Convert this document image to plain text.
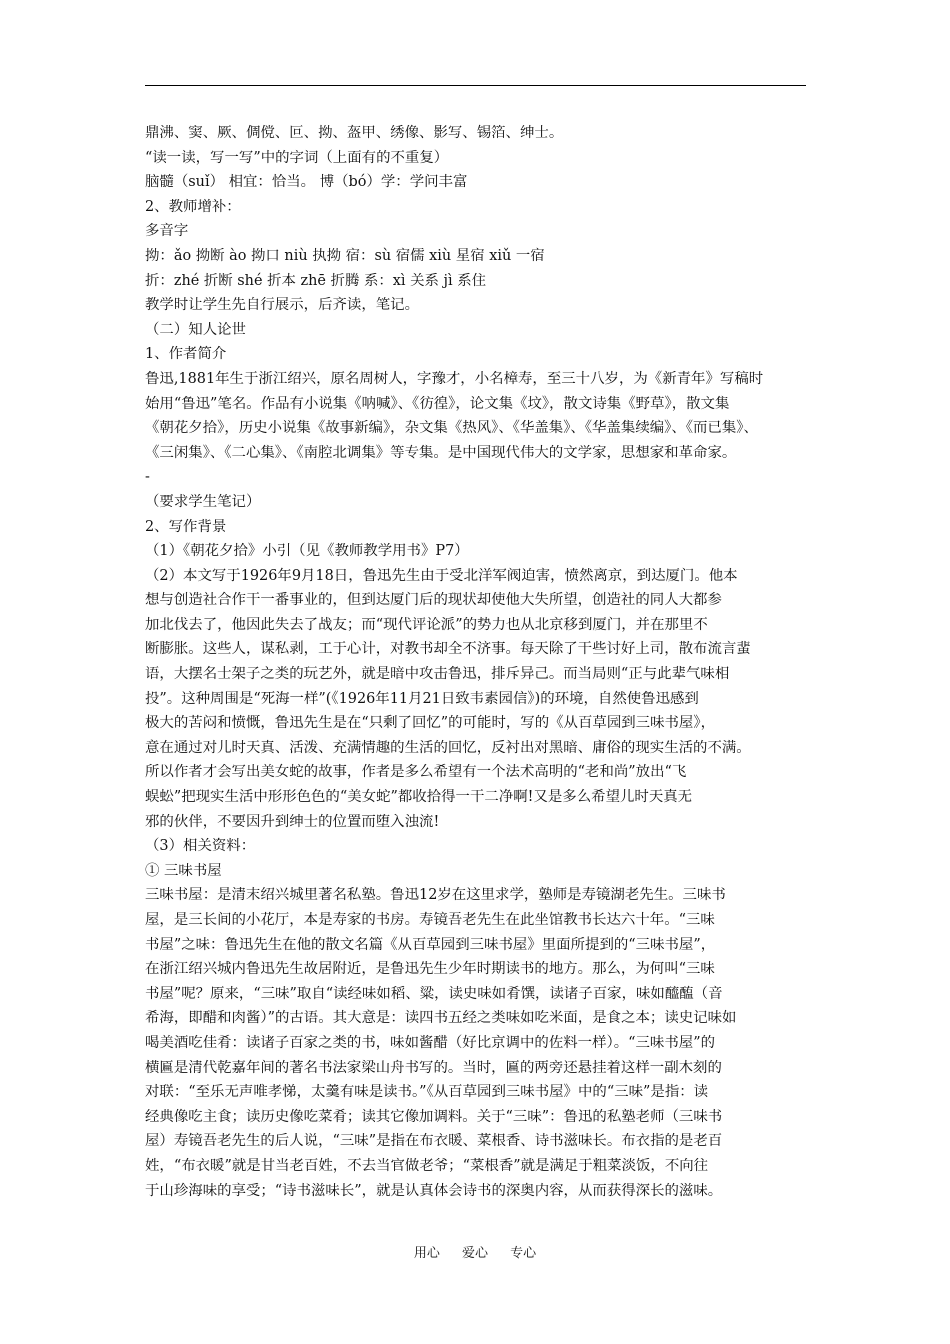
鼎沸、窦、厥、倜傥、叵、拗、盔甲、绣像、影写、锡箔、绅士。
“读一读，写一写”中的字词（上面有的不重复）
脑髓（suǐ） 相宜：恰当。 博（bó）学：学问丰富
2、教师增补：
多音字
拗：ǎo 拗断 ào 拗口 niù 执拗 宿：sù 宿儒 xiù 星宿 xiǔ 一宿
折：zhé 折断 shé 折本 zhē 折腾 系：xì 关系 jì 系住
教学时让学生先自行展示，后齐读，笔记。
（二）知人论世
1、作者简介
鲁迅,1881年生于浙江绍兴，原名周树人，字豫才，小名樟寿，至三十八岁，为《新青年》写稿时
始用“鲁迅”笔名。作品有小说集《呐喊》、《彷徨》，论文集《坟》，散文诗集《野草》，散文集
《朝花夕拾》，历史小说集《故事新编》，杂文集《热风》、《华盖集》、《华盖集续编》、《而已集》、
《三闲集》、《二心集》、《南腔北调集》等专集。是中国现代伟大的文学家，思想家和革命家。
-
（要求学生笔记）
2、写作背景
（1）《朝花夕拾》小引（见《教师教学用书》P7）
（2）本文写于1926年9月18日，鲁迅先生由于受北洋军阀迫害，愤然离京，到达厦门。他本
想与创造社合作干一番事业的，但到达厦门后的现状却使他大失所望，创造社的同人大都参
加北伐去了，他因此失去了战友；而“现代评论派”的势力也从北京移到厦门，并在那里不
断膨胀。这些人，谋私剥，工于心计，对教书却全不济事。每天除了干些讨好上司，散布流言蜚
语，大摆名士架子之类的玩艺外，就是暗中攻击鲁迅，排斥异己。而当局则“正与此辈气味相
投”。这种周围是“死海一样”(《1926年11月21日致韦素园信》)的环境，自然使鲁迅感到
极大的苦闷和愤慨，鲁迅先生是在“只剩了回忆”的可能时，写的《从百草园到三味书屋》，
意在通过对儿时天真、活泼、充满情趣的生活的回忆，反衬出对黑暗、庸俗的现实生活的不满。
所以作者才会写出美女蛇的故事，作者是多么希望有一个法术高明的“老和尚”放出“飞
蜈蚣”把现实生活中形形色色的“美女蛇”都收拾得一干二净啊!又是多么希望儿时天真无
邪的伙伴，不要因升到绅士的位置而堕入浊流!
（3）相关资料：
① 三味书屋
三味书屋：是清末绍兴城里著名私塾。鲁迅12岁在这里求学，塾师是寿镜湖老先生。三味书
屋，是三长间的小花厅，本是寿家的书房。寿镜吾老先生在此坐馆教书长达六十年。“三味
书屋”之味：鲁迅先生在他的散文名篇《从百草园到三味书屋》里面所提到的“三味书屋”，
在浙江绍兴城内鲁迅先生故居附近，是鲁迅先生少年时期读书的地方。那么，为何叫“三味
书屋”呢？原来，“三味”取自“读经味如稻、粱，读史味如肴馔，读诸子百家，味如醯醢（音
希海，即醋和肉酱）”的古语。其大意是：读四书五经之类味如吃米面，是食之本；读史记味如
喝美酒吃佳肴：读诸子百家之类的书，味如酱醋（好比京调中的佐料一样）。“三味书屋”的
横匾是清代乾嘉年间的著名书法家梁山舟书写的。当时，匾的两旁还悬挂着这样一副木刻的
对联：“至乐无声唯孝悌，太羹有味是读书。”《从百草园到三味书屋》中的“三味”是指：读
经典像吃主食；读历史像吃菜肴；读其它像加调料。关于“三味”：鲁迅的私塾老师（三味书
屋）寿镜吾老先生的后人说，“三味”是指在布衣暖、菜根香、诗书滋味长。布衣指的是老百
姓，“布衣暖”就是甘当老百姓，不去当官做老爷；“菜根香”就是满足于粗菜淡饭，不向往
于山珍海味的享受；“诗书滋味长”，就是认真体会诗书的深奥内容，从而获得深长的滋味。
用心 爱心 专心
